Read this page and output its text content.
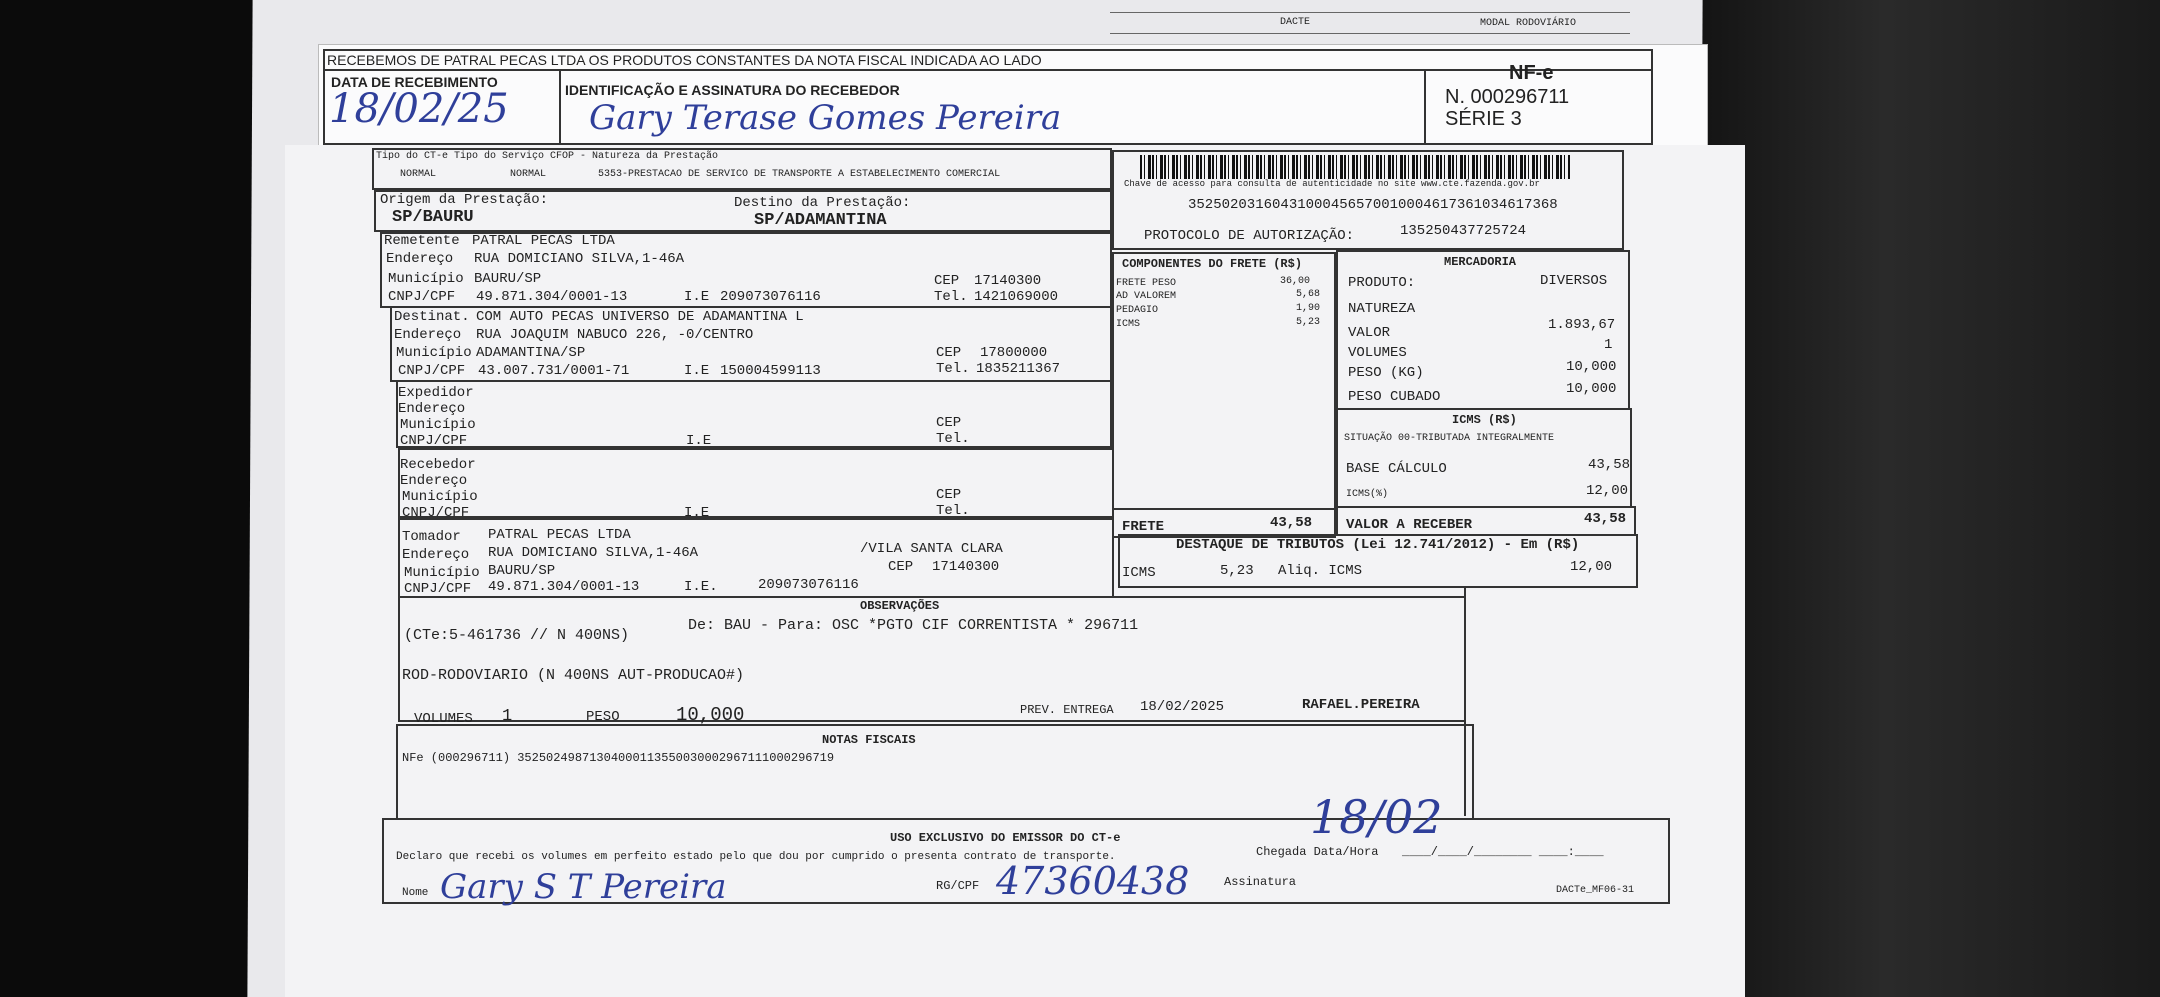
DACTE	MODAL RODOVIÁRIO
RECEBEMOS DE PATRAL PECAS LTDA OS PRODUTOS CONSTANTES DA NOTA FISCAL INDICADA AO LADO
DATA DE RECEBIMENTO
18/02/25	IDENTIFICAÇÃO E ASSINATURA DO RECEBEDOR
Gary Terase Gomes Pereira
NF-e
N. 000296711
SÉRIE 3
Tipo do CT-e Tipo do Serviço CFOP - Natureza da Prestação
NORMAL	NORMAL	5353-PRESTACAO DE SERVICO DE TRANSPORTE A ESTABELECIMENTO COMERCIAL
Origem da Prestação:
SP/BAURU
Destino da Prestação:
SP/ADAMANTINA
Chave de acesso para consulta de autenticidade no site www.cte.fazenda.gov.br
35250203160431000456570010004617361034617368
PROTOCOLO DE AUTORIZAÇÃO:	135250437725724
Remetente PATRAL PECAS LTDA
Endereço RUA DOMICIANO SILVA,1-46A
Município BAURU/SP	CEP 17140300
CNPJ/CPF 49.871.304/0001-13	I.E 209073076116	Tel. 1421069000
Destinat. COM AUTO PECAS UNIVERSO DE ADAMANTINA L
Endereço RUA JOAQUIM NABUCO 226, -0/CENTRO
Município ADAMANTINA/SP	CEP 17800000
CNPJ/CPF 43.007.731/0001-71	I.E 150004599113	Tel. 1835211367
Expedidor
Endereço
Município
CNPJ/CPF	I.E
CEP
Tel.
Recebedor
Endereço
Município
CNPJ/CPF	I.E
CEP
Tel.
Tomador PATRAL PECAS LTDA
Endereço RUA DOMICIANO SILVA,1-46A	/VILA SANTA CLARA
Município BAURU/SP	CEP 17140300
CNPJ/CPF 49.871.304/0001-13	I.E.	209073076116
COMPONENTES DO FRETE (R$)
FRETE PESO	36,00
AD VALOREM	5,68
PEDAGIO	1,90
ICMS	5,23
FRETE	43,58
MERCADORIA
PRODUTO:	DIVERSOS
NATUREZA
VALOR	1.893,67
VOLUMES	1
PESO (KG)	10,000
PESO CUBADO	10,000
ICMS (R$)
SITUAÇÃO 00-TRIBUTADA INTEGRALMENTE
BASE CÁLCULO	43,58
ICMS(%)	12,00
VALOR A RECEBER	43,58
DESTAQUE DE TRIBUTOS (Lei 12.741/2012) - Em (R$)
ICMS	5,23 Aliq. ICMS	12,00
OBSERVAÇÕES
(CTe:5-461736 // N 400NS)
De: BAU - Para: OSC *PGTO CIF CORRENTISTA * 296711
ROD-RODOVIARIO (N 400NS AUT-PRODUCAO#)
VOLUMES 1	PESO	10,000	PREV. ENTREGA 18/02/2025	RAFAEL.PEREIRA
NOTAS FISCAIS
NFe (000296711) 35250249871304000113550030002967111000296719
USO EXCLUSIVO DO EMISSOR DO CT-e
Declaro que recebi os volumes em perfeito estado pelo que dou por cumprido o presenta contrato de transporte.	Chegada Data/Hora ____/____/________ ____:____
18/02
Nome Gary S T Pereira	RG/CPF 47360438	Assinatura
DACTe_MF06-31
